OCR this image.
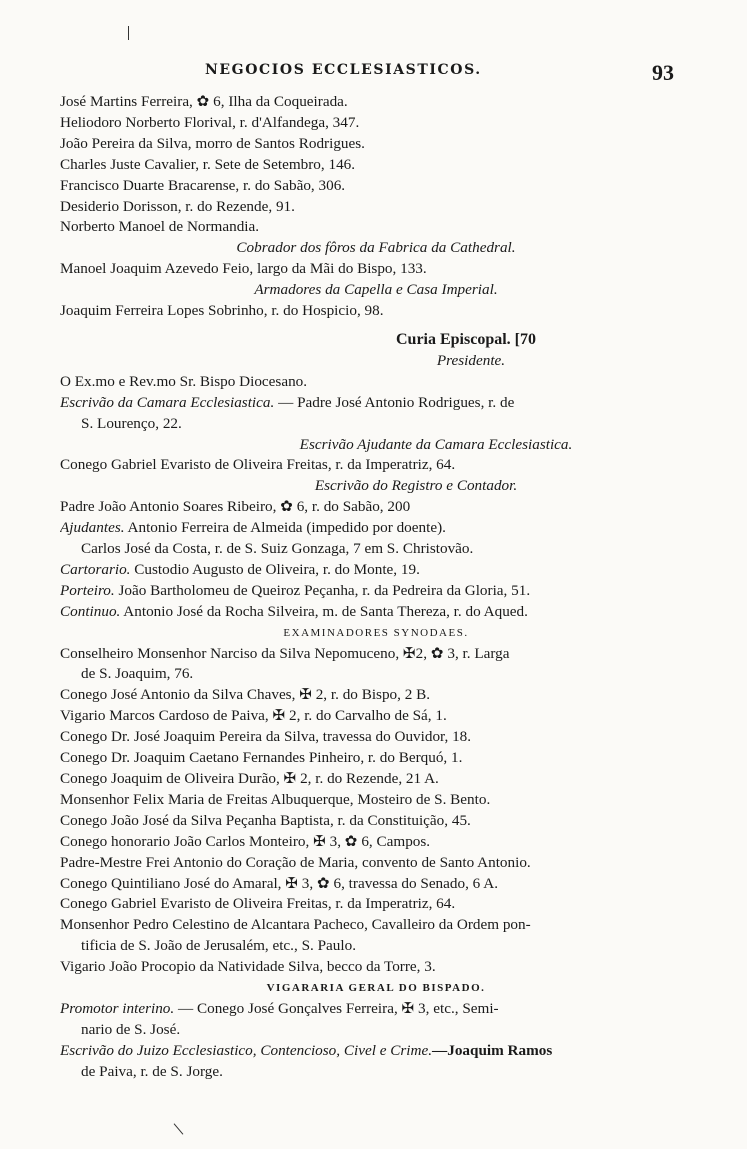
NEGOCIOS ECCLESIASTICOS.	93
José Martins Ferreira, ✿ 6, Ilha da Coqueirada.
Heliodoro Norberto Florival, r. d'Alfandega, 347.
João Pereira da Silva, morro de Santos Rodrigues.
Charles Juste Cavalier, r. Sete de Setembro, 146.
Francisco Duarte Bracarense, r. do Sabão, 306.
Desiderio Dorisson, r. do Rezende, 91.
Norberto Manoel de Normandia.
Cobrador dos fôros da Fabrica da Cathedral.
Manoel Joaquim Azevedo Feio, largo da Mãi do Bispo, 133.
Armadores da Capella e Casa Imperial.
Joaquim Ferreira Lopes Sobrinho, r. do Hospicio, 98.
Curia Episcopal. [70
Presidente.
O Ex.mo e Rev.mo Sr. Bispo Diocesano.
Escrivão da Camara Ecclesiastica. — Padre José Antonio Rodrigues, r. de
S. Lourenço, 22.
Escrivão Ajudante da Camara Ecclesiastica.
Conego Gabriel Evaristo de Oliveira Freitas, r. da Imperatriz, 64.
Escrivão do Registro e Contador.
Padre João Antonio Soares Ribeiro, ✿ 6, r. do Sabão, 200
Ajudantes. Antonio Ferreira de Almeida (impedido por doente).
Carlos José da Costa, r. de S. Suiz Gonzaga, 7 em S. Christovão.
Cartorario. Custodio Augusto de Oliveira, r. do Monte, 19.
Porteiro. João Bartholomeu de Queiroz Peçanha, r. da Pedreira da Gloria, 51.
Continuo. Antonio José da Rocha Silveira, m. de Santa Thereza, r. do Aqued.
EXAMINADORES SYNODAES.
Conselheiro Monsenhor Narciso da Silva Nepomuceno, ✠2, ✿ 3, r. Larga
de S. Joaquim, 76.
Conego José Antonio da Silva Chaves, ✠ 2, r. do Bispo, 2 B.
Vigario Marcos Cardoso de Paiva, ✠ 2, r. do Carvalho de Sá, 1.
Conego Dr. José Joaquim Pereira da Silva, travessa do Ouvidor, 18.
Conego Dr. Joaquim Caetano Fernandes Pinheiro, r. do Berquó, 1.
Conego Joaquim de Oliveira Durão, ✠ 2, r. do Rezende, 21 A.
Monsenhor Felix Maria de Freitas Albuquerque, Mosteiro de S. Bento.
Conego João José da Silva Peçanha Baptista, r. da Constituição, 45.
Conego honorario João Carlos Monteiro, ✠ 3, ✿ 6, Campos.
Padre-Mestre Frei Antonio do Coração de Maria, convento de Santo Antonio.
Conego Quintiliano José do Amaral, ✠ 3, ✿ 6, travessa do Senado, 6 A.
Conego Gabriel Evaristo de Oliveira Freitas, r. da Imperatriz, 64.
Monsenhor Pedro Celestino de Alcantara Pacheco, Cavalleiro da Ordem pon-
tificia de S. João de Jerusalém, etc., S. Paulo.
Vigario João Procopio da Natividade Silva, becco da Torre, 3.
VIGARARIA GERAL DO BISPADO.
Promotor interino. — Conego José Gonçalves Ferreira, ✠ 3, etc., Semi-
nario de S. José.
Escrivão do Juizo Ecclesiastico, Contencioso, Civel e Crime.—Joaquim Ramos
de Paiva, r. de S. Jorge.
